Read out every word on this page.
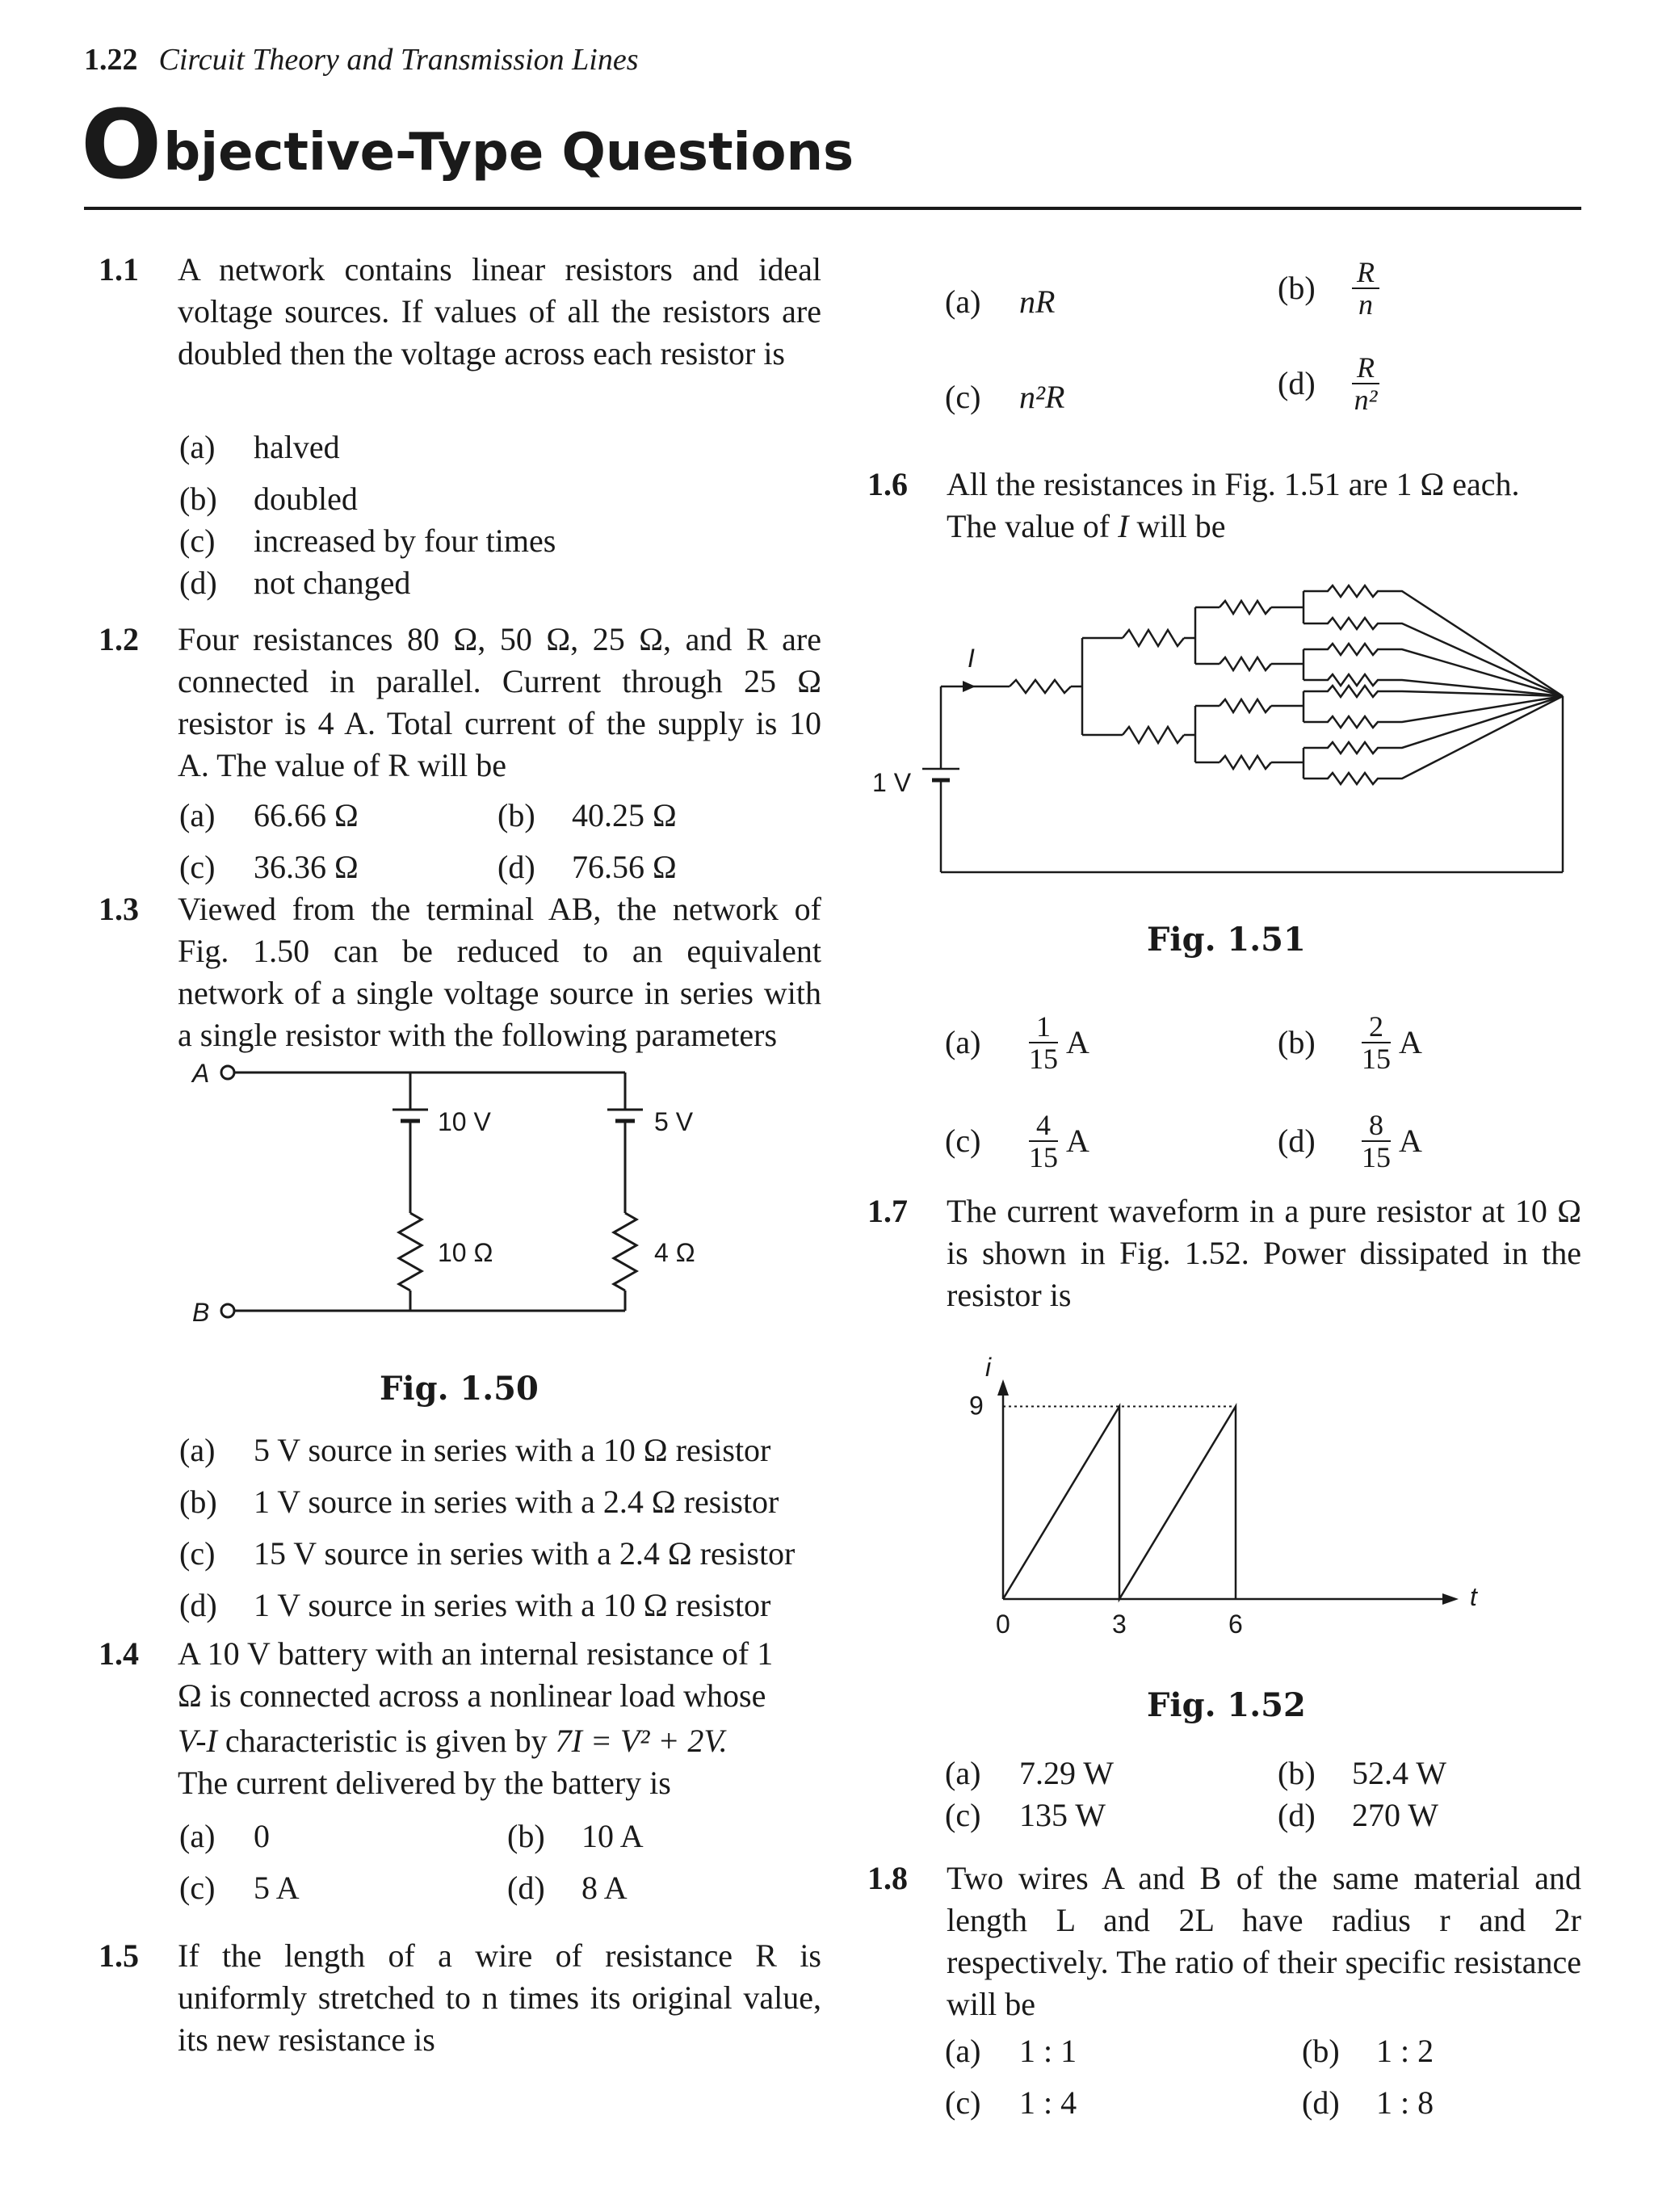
1.22 Circuit Theory and Transmission Lines
Objective-Type Questions
1.1 A network contains linear resistors and ideal voltage sources. If values of all the resistors are doubled then the voltage across each resistor is
(a) halved
(b) doubled
(c) increased by four times
(d) not changed
1.2 Four resistances 80 Ω, 50 Ω, 25 Ω, and R are connected in parallel. Current through 25 Ω resistor is 4 A. Total current of the supply is 10 A. The value of R will be
(a) 66.66 Ω	(b) 40.25 Ω
(c) 36.36 Ω	(d) 76.56 Ω
1.3 Viewed from the terminal AB, the network of Fig. 1.50 can be reduced to an equivalent network of a single voltage source in series with a single resistor with the following parameters
A
B
10 V	5 V
10 Ω	4 Ω
Fig. 1.50
(a) 5 V source in series with a 10 Ω resistor
(b) 1 V source in series with a 2.4 Ω resistor
(c) 15 V source in series with a 2.4 Ω resistor
(d) 1 V source in series with a 10 Ω resistor
1.4 A 10 V battery with an internal resistance of 1
Ω is connected across a nonlinear load whose
V-I characteristic is given by 7I = V² + 2V.
The current delivered by the battery is
(a) 0	(b) 10 A
(c) 5 A	(d) 8 A
1.5 If the length of a wire of resistance R is uniformly stretched to n times its original value, its new resistance is
(a) nR	$(b) \frac{R}{n}$
(c) n²R	$(d) \frac{R}{\text{n²}}$
1.6 All the resistances in Fig. 1.51 are 1 Ω each.
The value of I will be
I
1 V
Fig. 1.51
$(a) \frac{1}{15}$ A	$(b) \frac{2}{15}$ A
$(c) \frac{4}{15}$ A	$(d) \frac{8}{15}$ A
1.7 The current waveform in a pure resistor at 10 Ω is shown in Fig. 1.52. Power dissipated in the resistor is
i
t
9
0	3	6
Fig. 1.52
(a) 7.29 W	(b) 52.4 W
(c) 135 W	(d) 270 W
1.8 Two wires A and B of the same material and length L and 2L have radius r and 2r respectively. The ratio of their specific resistance will be
(a) 1 : 1	(b) 1 : 2
(c) 1 : 4	(d) 1 : 8
